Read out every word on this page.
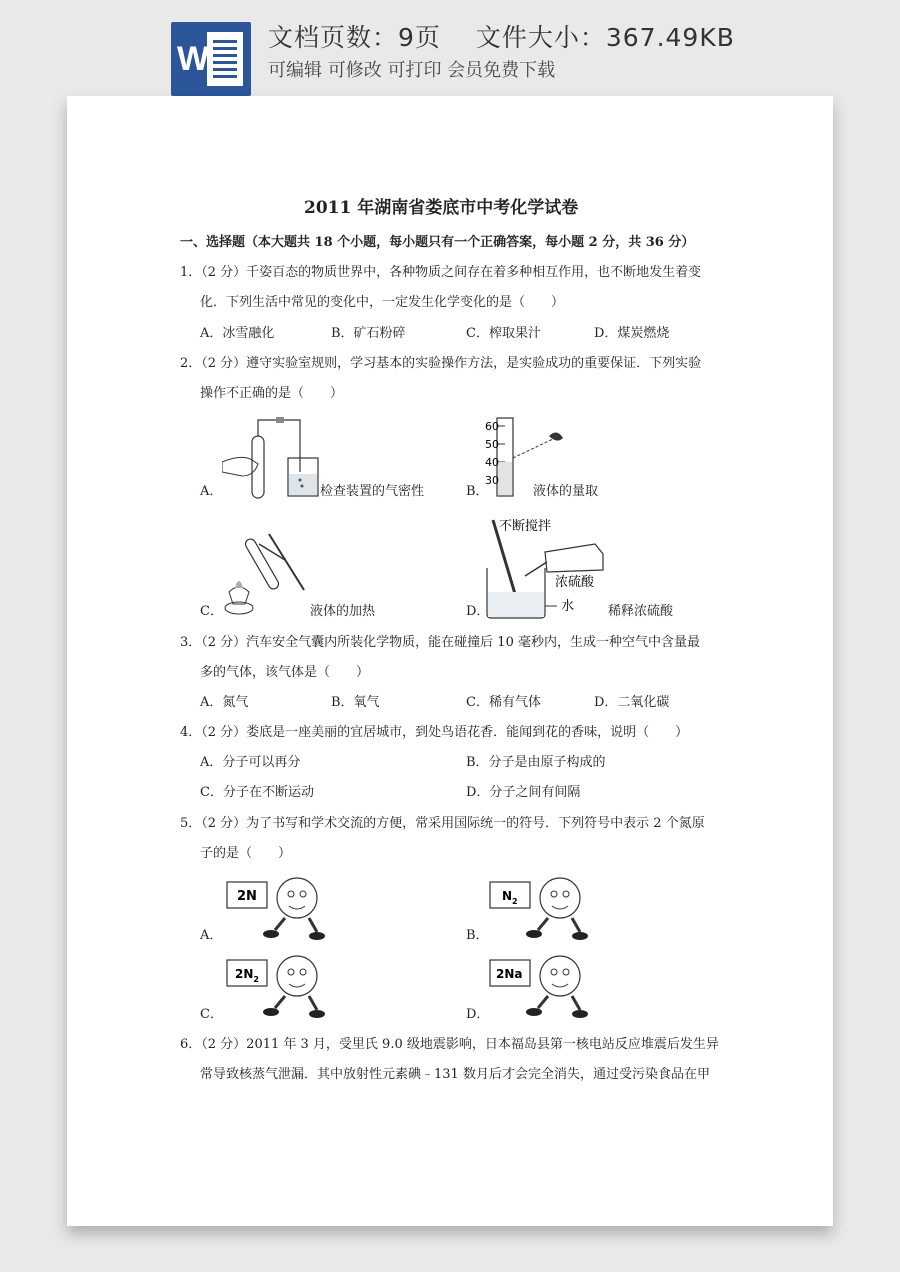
W
文档页数：9页　 文件大小：367.49KB
可编辑 可修改 可打印 会员免费下载
2011 年湖南省娄底市中考化学试卷
一、选择题（本大题共 18 个小题，每小题只有一个正确答案，每小题 2 分，共 36 分）
1．（2 分）千姿百态的物质世界中，各种物质之间存在着多种相互作用，也不断地发生着变
化．下列生活中常见的变化中，一定发生化学变化的是（　　）
A．冰雪融化	B．矿石粉碎	C．榨取果汁	D．煤炭燃烧
2．（2 分）遵守实验室规则，学习基本的实验操作方法，是实验成功的重要保证．下列实验
操作不正确的是（　　）
A．	检查装置的气密性
60
50
40
30
B．	液体的量取
C．	液体的加热
不断搅拌
浓硫酸
水
D．	稀释浓硫酸
3．（2 分）汽车安全气囊内所装化学物质，能在碰撞后 10 毫秒内，生成一种空气中含量最
多的气体，该气体是（　　）
A．氮气	B．氧气	C．稀有气体	D．二氧化碳
4．（2 分）娄底是一座美丽的宜居城市，到处鸟语花香．能闻到花的香味，说明（　　）
A．分子可以再分	B．分子是由原子构成的
C．分子在不断运动	D．分子之间有间隔
5．（2 分）为了书写和学术交流的方便，常采用国际统一的符号．下列符号中表示 2 个氮原
子的是（　　）
2N
A．
$N_2$
B．
$2N_2$
C．
2Na
D．
6．（2 分）2011 年 3 月，受里氏 9.0 级地震影响，日本福岛县第一核电站反应堆震后发生异
常导致核蒸气泄漏．其中放射性元素碘﹣131 数月后才会完全消失，通过受污染食品在甲
